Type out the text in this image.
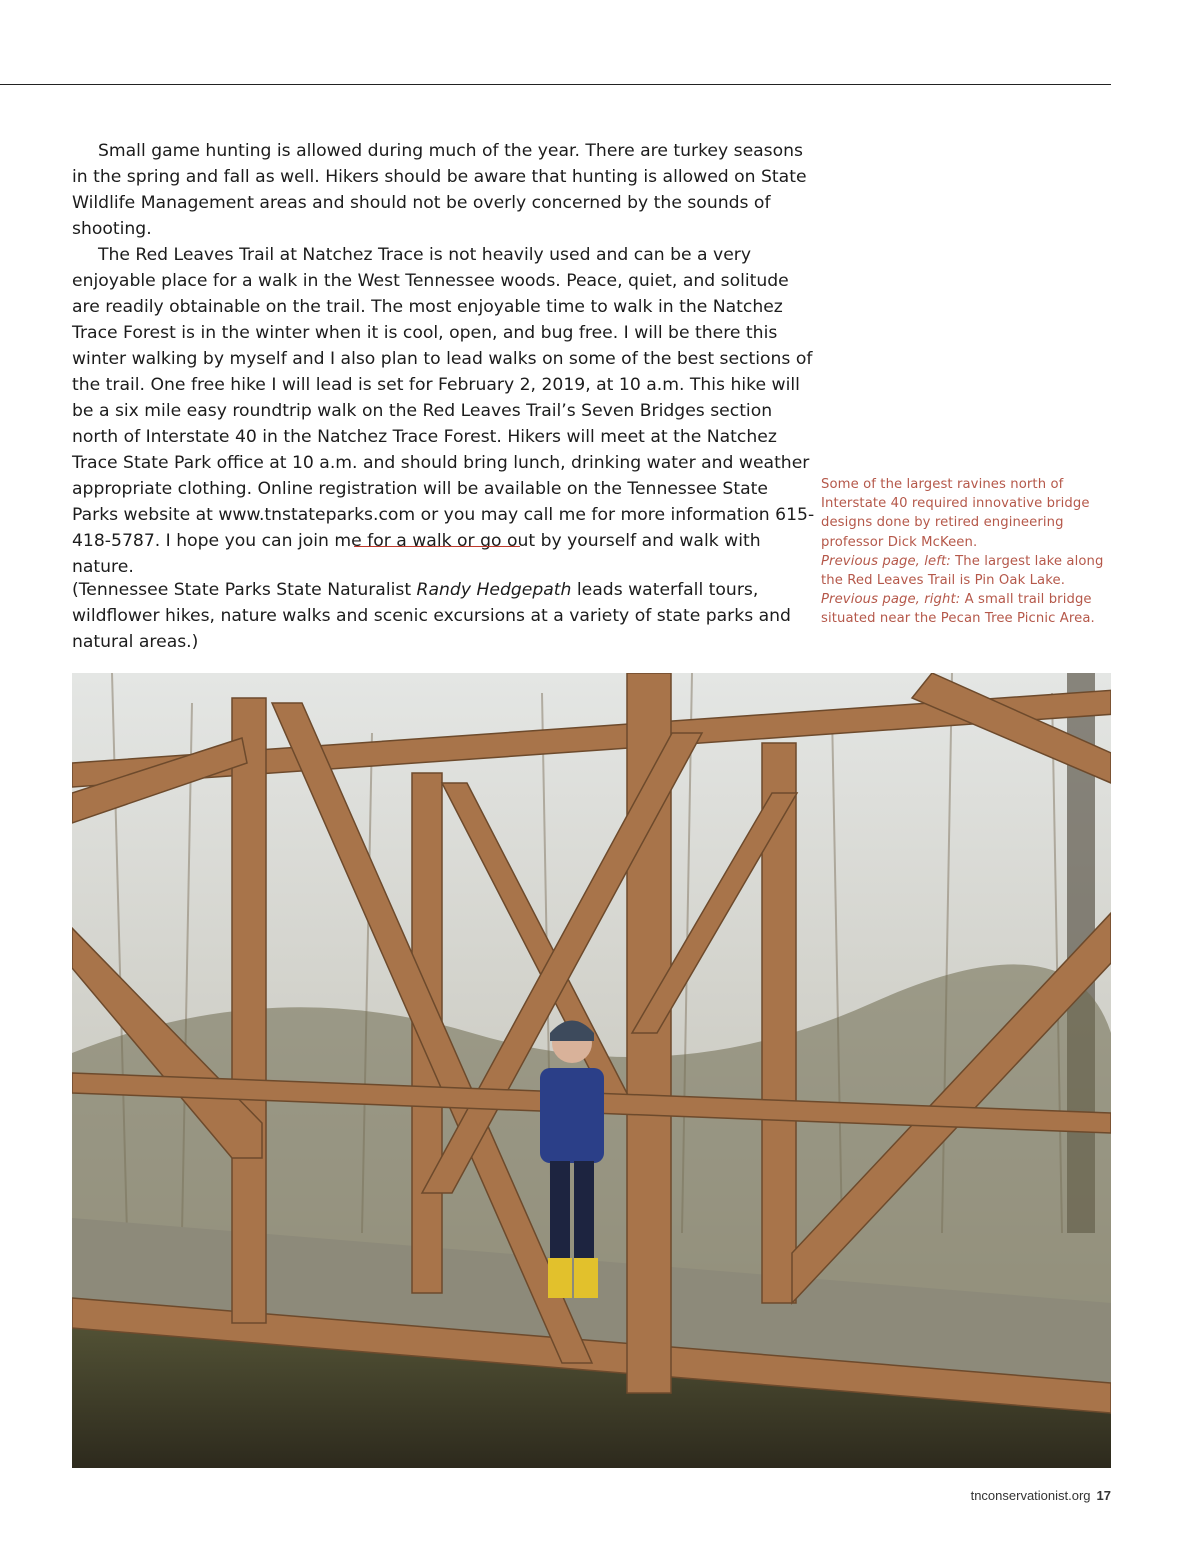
Small game hunting is allowed during much of the year. There are turkey seasons in the spring and fall as well. Hikers should be aware that hunting is allowed on State Wildlife Management areas and should not be overly concerned by the sounds of shooting.

The Red Leaves Trail at Natchez Trace is not heavily used and can be a very enjoyable place for a walk in the West Tennessee woods. Peace, quiet, and solitude are readily obtainable on the trail. The most enjoyable time to walk in the Natchez Trace Forest is in the winter when it is cool, open, and bug free. I will be there this winter walking by myself and I also plan to lead walks on some of the best sections of the trail. One free hike I will lead is set for February 2, 2019, at 10 a.m. This hike will be a six mile easy roundtrip walk on the Red Leaves Trail’s Seven Bridges section north of Interstate 40 in the Natchez Trace Forest. Hikers will meet at the Natchez Trace State Park office at 10 a.m. and should bring lunch, drinking water and weather appropriate clothing. Online registration will be available on the Tennessee State Parks website at www.tnstateparks.com or you may call me for more information 615-418-5787. I hope you can join me for a walk or go out by yourself and walk with nature.

(Tennessee State Parks State Naturalist Randy Hedgepath leads waterfall tours, wildflower hikes, nature walks and scenic excursions at a variety of state parks and natural areas.)
Some of the largest ravines north of Interstate 40 required innovative bridge designs done by retired engineering professor Dick McKeen.
Previous page, left: The largest lake along the Red Leaves Trail is Pin Oak Lake.
Previous page, right: A small trail bridge situated near the Pecan Tree Picnic Area.
tnconservationist.org 17
